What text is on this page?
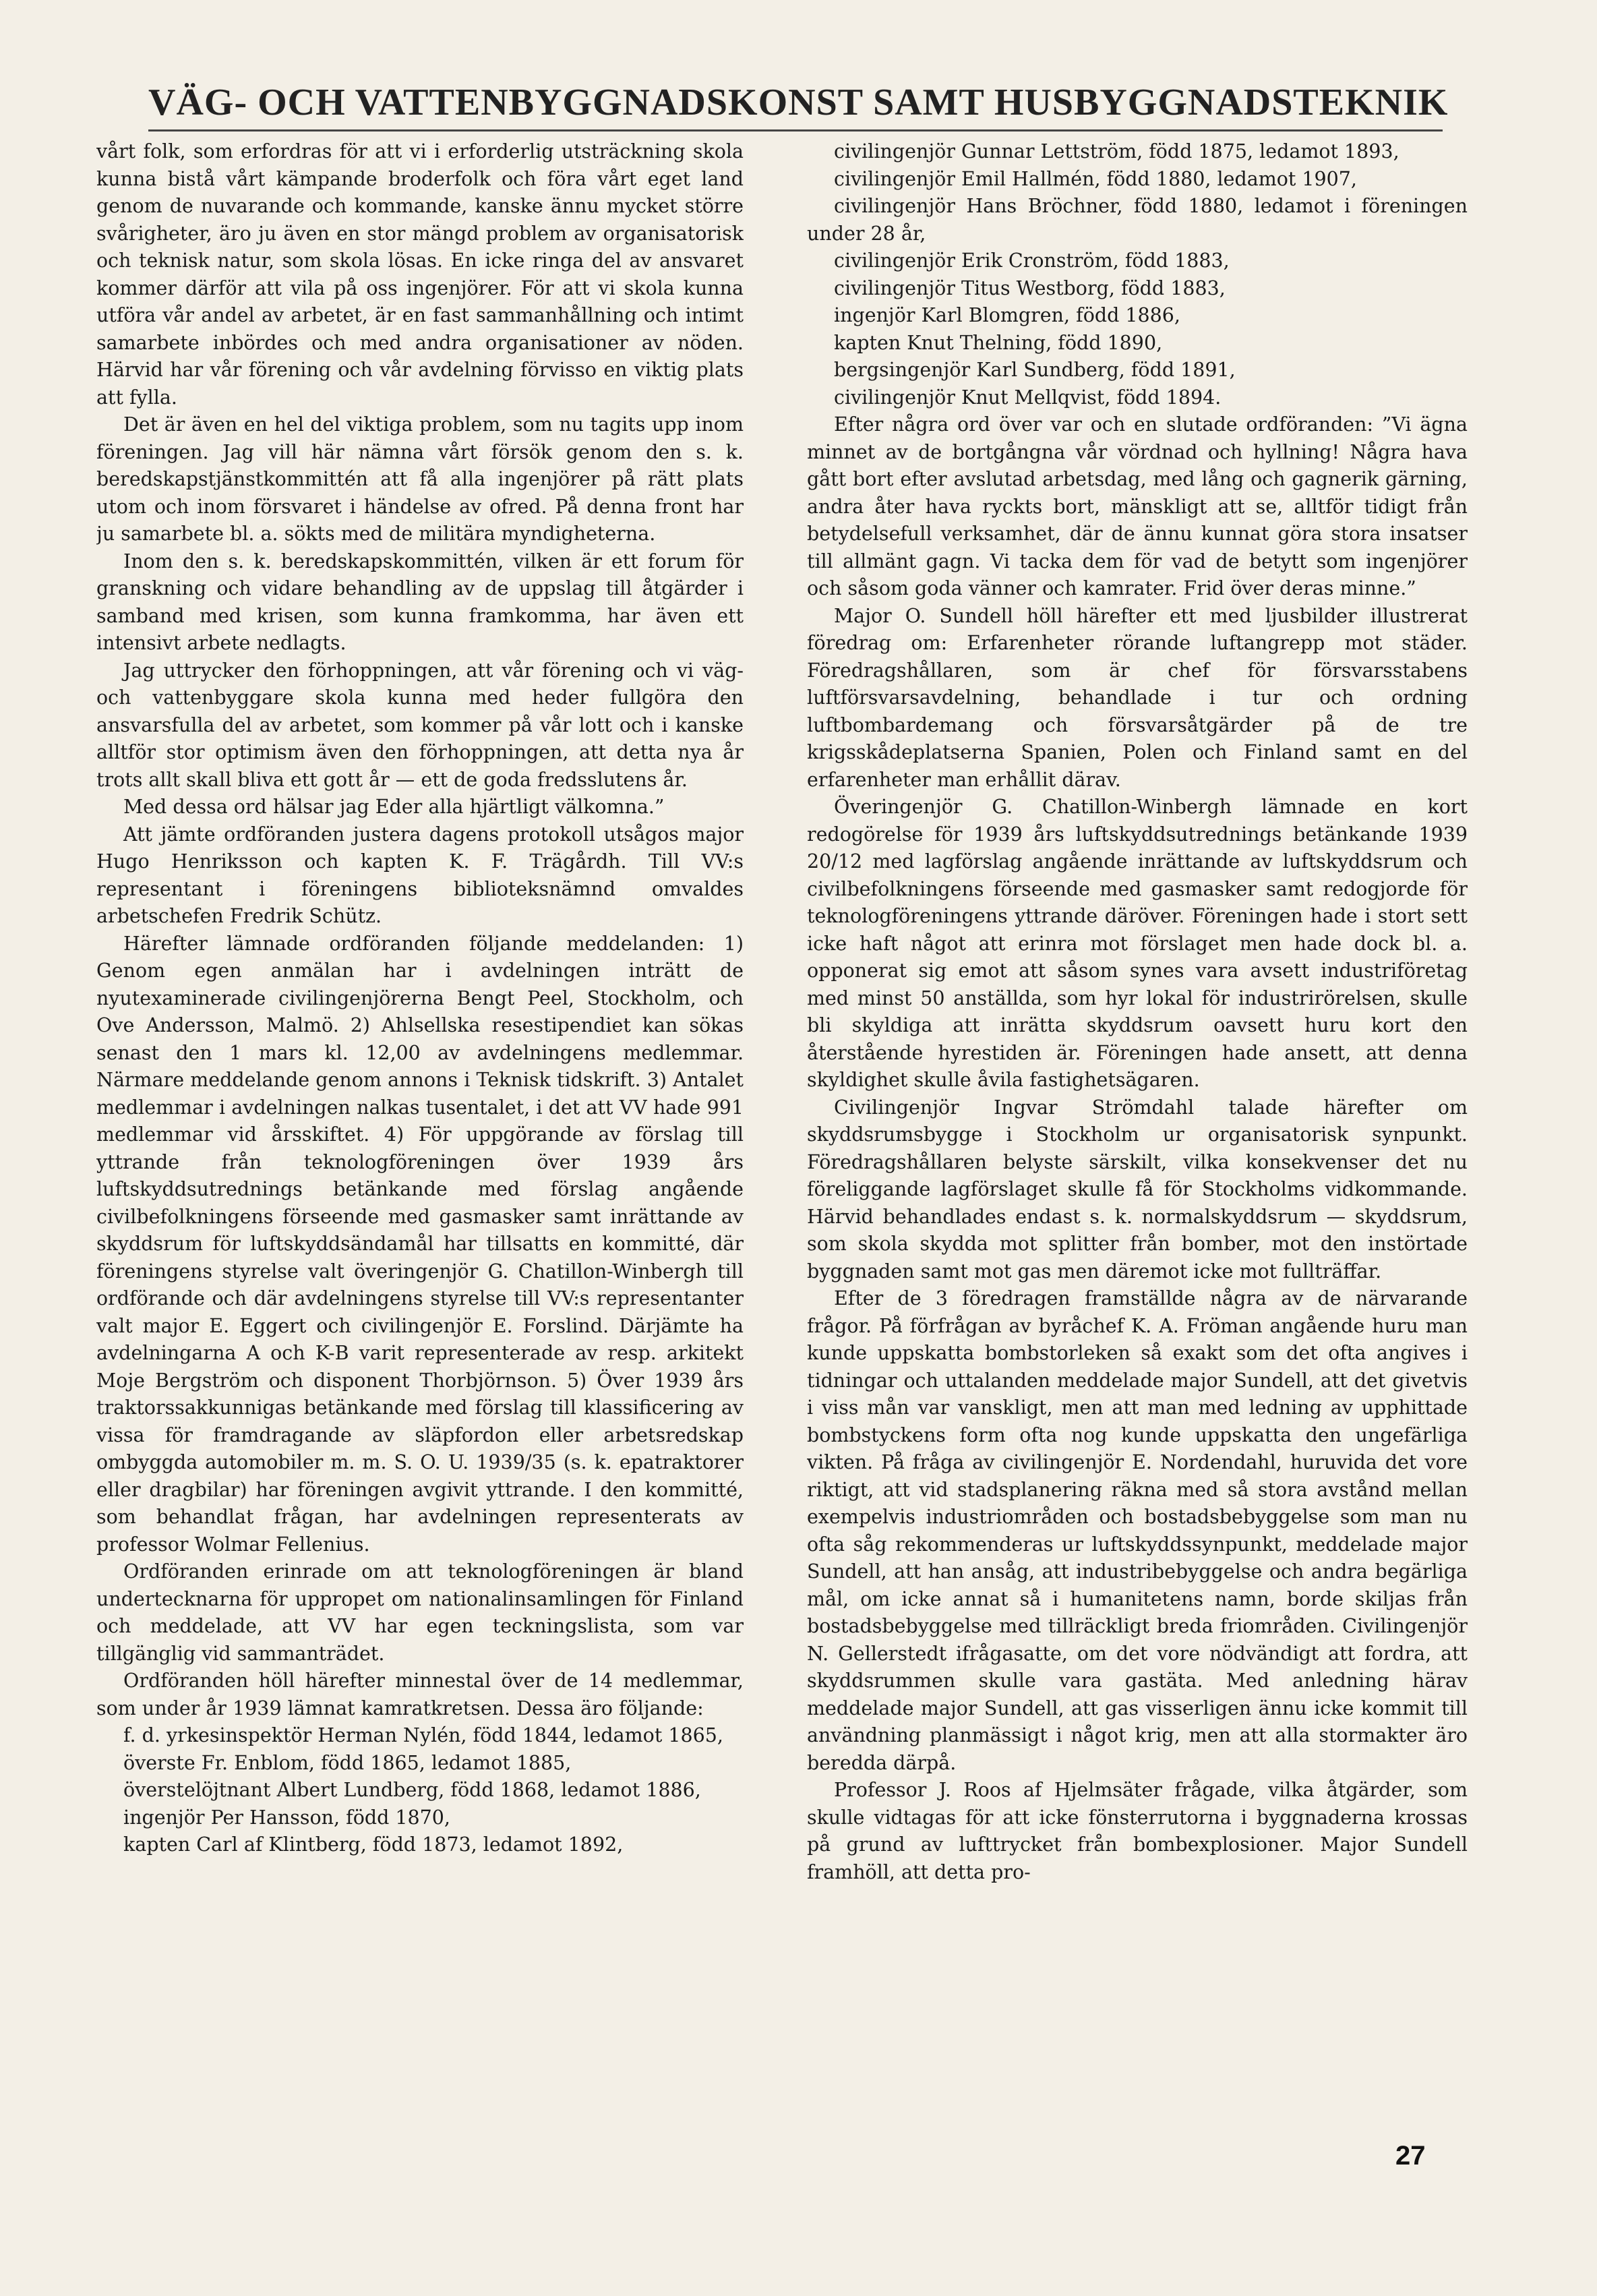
VÄG- OCH VATTENBYGGNADSKONST SAMT HUSBYGGNADSTEKNIK

vårt folk, som erfordras för att vi i erforderlig utsträckning skola kunna bistå vårt kämpande broderfolk och föra vårt eget land genom de nuvarande och kommande, kanske ännu mycket större svårigheter, äro ju även en stor mängd problem av organisatorisk och teknisk natur, som skola lösas. En icke ringa del av ansvaret kommer därför att vila på oss ingenjörer. För att vi skola kunna utföra vår andel av arbetet, är en fast sammanhållning och intimt samarbete inbördes och med andra organisationer av nöden. Härvid har vår förening och vår avdelning förvisso en viktig plats att fylla.

Det är även en hel del viktiga problem, som nu tagits upp inom föreningen. Jag vill här nämna vårt försök genom den s. k. beredskapstjänstkommittén att få alla ingenjörer på rätt plats utom och inom försvaret i händelse av ofred. På denna front har ju samarbete bl. a. sökts med de militära myndigheterna.

Inom den s. k. beredskapskommittén, vilken är ett forum för granskning och vidare behandling av de uppslag till åtgärder i samband med krisen, som kunna framkomma, har även ett intensivt arbete nedlagts.

Jag uttrycker den förhoppningen, att vår förening och vi väg- och vattenbyggare skola kunna med heder fullgöra den ansvarsfulla del av arbetet, som kommer på vår lott och i kanske alltför stor optimism även den förhoppningen, att detta nya år trots allt skall bliva ett gott år — ett de goda fredsslutens år.

Med dessa ord hälsar jag Eder alla hjärtligt välkomna.”

Att jämte ordföranden justera dagens protokoll utsågos major Hugo Henriksson och kapten K. F. Trägårdh. Till VV:s representant i föreningens biblioteksnämnd omvaldes arbetschefen Fredrik Schütz.

Härefter lämnade ordföranden följande meddelanden: 1) Genom egen anmälan har i avdelningen inträtt de nyutexaminerade civilingenjörerna Bengt Peel, Stockholm, och Ove Andersson, Malmö. 2) Ahlsellska resestipendiet kan sökas senast den 1 mars kl. 12,00 av avdelningens medlemmar. Närmare meddelande genom annons i Teknisk tidskrift. 3) Antalet medlemmar i avdelningen nalkas tusentalet, i det att VV hade 991 medlemmar vid årsskiftet. 4) För uppgörande av förslag till yttrande från teknologföreningen över 1939 års luftskyddsutrednings betänkande med förslag angående civilbefolkningens förseende med gasmasker samt inrättande av skyddsrum för luftskyddsändamål har tillsatts en kommitté, där föreningens styrelse valt överingenjör G. Chatillon-Winbergh till ordförande och där avdelningens styrelse till VV:s representanter valt major E. Eggert och civilingenjör E. Forslind. Därjämte ha avdelningarna A och K-B varit representerade av resp. arkitekt Moje Bergström och disponent Thorbjörnson. 5) Över 1939 års traktorssakkunnigas betänkande med förslag till klassificering av vissa för framdragande av släpfordon eller arbetsredskap ombyggda automobiler m. m. S. O. U. 1939/35 (s. k. epatraktorer eller dragbilar) har föreningen avgivit yttrande. I den kommitté, som behandlat frågan, har avdelningen representerats av professor Wolmar Fellenius.

Ordföranden erinrade om att teknologföreningen är bland undertecknarna för uppropet om nationalinsamlingen för Finland och meddelade, att VV har egen teckningslista, som var tillgänglig vid sammanträdet.

Ordföranden höll härefter minnestal över de 14 medlemmar, som under år 1939 lämnat kamratkretsen. Dessa äro följande:

f. d. yrkesinspektör Herman Nylén, född 1844, ledamot 1865,

överste Fr. Enblom, född 1865, ledamot 1885,

överstelöjtnant Albert Lundberg, född 1868, ledamot 1886,

ingenjör Per Hansson, född 1870,

kapten Carl af Klintberg, född 1873, ledamot 1892,

civilingenjör Gunnar Lettström, född 1875, ledamot 1893,

civilingenjör Emil Hallmén, född 1880, ledamot 1907,

civilingenjör Hans Bröchner, född 1880, ledamot i föreningen under 28 år,

civilingenjör Erik Cronström, född 1883,

civilingenjör Titus Westborg, född 1883,

ingenjör Karl Blomgren, född 1886,

kapten Knut Thelning, född 1890,

bergsingenjör Karl Sundberg, född 1891,

civilingenjör Knut Mellqvist, född 1894.

Efter några ord över var och en slutade ordföranden: ”Vi ägna minnet av de bortgångna vår vördnad och hyllning! Några hava gått bort efter avslutad arbetsdag, med lång och gagnerik gärning, andra åter hava ryckts bort, mänskligt att se, alltför tidigt från betydelsefull verksamhet, där de ännu kunnat göra stora insatser till allmänt gagn. Vi tacka dem för vad de betytt som ingenjörer och såsom goda vänner och kamrater. Frid över deras minne.”

Major O. Sundell höll härefter ett med ljusbilder illustrerat föredrag om: Erfarenheter rörande luftangrepp mot städer. Föredragshållaren, som är chef för försvarsstabens luftförsvarsavdelning, behandlade i tur och ordning luftbombardemang och försvarsåtgärder på de tre krigsskådeplatserna Spanien, Polen och Finland samt en del erfarenheter man erhållit därav.

Överingenjör G. Chatillon-Winbergh lämnade en kort redogörelse för 1939 års luftskyddsutrednings betänkande 1939 20/12 med lagförslag angående inrättande av luftskyddsrum och civilbefolkningens förseende med gasmasker samt redogjorde för teknologföreningens yttrande däröver. Föreningen hade i stort sett icke haft något att erinra mot förslaget men hade dock bl. a. opponerat sig emot att såsom synes vara avsett industriföretag med minst 50 anställda, som hyr lokal för industrirörelsen, skulle bli skyldiga att inrätta skyddsrum oavsett huru kort den återstående hyrestiden är. Föreningen hade ansett, att denna skyldighet skulle åvila fastighetsägaren.

Civilingenjör Ingvar Strömdahl talade härefter om skyddsrumsbygge i Stockholm ur organisatorisk synpunkt. Föredragshållaren belyste särskilt, vilka konsekvenser det nu föreliggande lagförslaget skulle få för Stockholms vidkommande. Härvid behandlades endast s. k. normalskyddsrum — skyddsrum, som skola skydda mot splitter från bomber, mot den instörtade byggnaden samt mot gas men däremot icke mot fullträffar.

Efter de 3 föredragen framställde några av de närvarande frågor. På förfrågan av byråchef K. A. Fröman angående huru man kunde uppskatta bombstorleken så exakt som det ofta angives i tidningar och uttalanden meddelade major Sundell, att det givetvis i viss mån var vanskligt, men att man med ledning av upphittade bombstyckens form ofta nog kunde uppskatta den ungefärliga vikten. På fråga av civilingenjör E. Nordendahl, huruvida det vore riktigt, att vid stadsplanering räkna med så stora avstånd mellan exempelvis industriområden och bostadsbebyggelse som man nu ofta såg rekommenderas ur luftskyddssynpunkt, meddelade major Sundell, att han ansåg, att industribebyggelse och andra begärliga mål, om icke annat så i humanitetens namn, borde skiljas från bostadsbebyggelse med tillräckligt breda friområden. Civilingenjör N. Gellerstedt ifrågasatte, om det vore nödvändigt att fordra, att skyddsrummen skulle vara gastäta. Med anledning härav meddelade major Sundell, att gas visserligen ännu icke kommit till användning planmässigt i något krig, men att alla stormakter äro beredda därpå.

Professor J. Roos af Hjelmsäter frågade, vilka åtgärder, som skulle vidtagas för att icke fönsterrutorna i byggnaderna krossas på grund av lufttrycket från bombexplosioner. Major Sundell framhöll, att detta pro-

27
